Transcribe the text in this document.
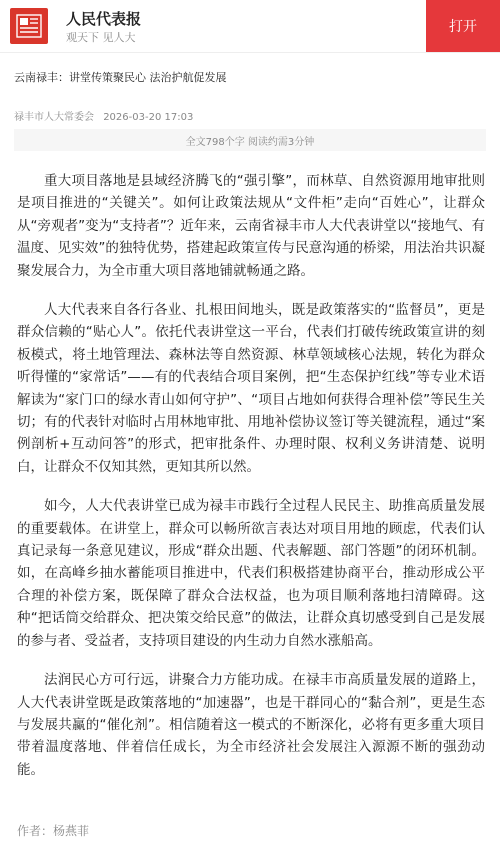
人民代表报
观天下 见人大
打开
云南禄丰：讲堂传策聚民心 法治护航促发展
禄丰市人大常委会 2026-03-20 17:03
全文798个字 阅读约需3分钟

重大项目落地是县域经济腾飞的“强引擎”，而林草、自然资源用地审批则是项目推进的“关键关”。如何让政策法规从“文件柜”走向“百姓心”，让群众从“旁观者”变为“支持者”？近年来，云南省禄丰市人大代表讲堂以“接地气、有温度、见实效”的独特优势，搭建起政策宣传与民意沟通的桥梁，用法治共识凝聚发展合力，为全市重大项目落地铺就畅通之路。

人大代表来自各行各业、扎根田间地头，既是政策落实的“监督员”，更是群众信赖的“贴心人”。依托代表讲堂这一平台，代表们打破传统政策宣讲的刻板模式，将土地管理法、森林法等自然资源、林草领域核心法规，转化为群众听得懂的“家常话”——有的代表结合项目案例，把“生态保护红线”等专业术语解读为“家门口的绿水青山如何守护”、“项目占地如何获得合理补偿”等民生关切；有的代表针对临时占用林地审批、用地补偿协议签订等关键流程，通过“案例剖析+互动问答”的形式，把审批条件、办理时限、权利义务讲清楚、说明白，让群众不仅知其然，更知其所以然。

如今，人大代表讲堂已成为禄丰市践行全过程人民民主、助推高质量发展的重要载体。在讲堂上，群众可以畅所欲言表达对项目用地的顾虑，代表们认真记录每一条意见建议，形成“群众出题、代表解题、部门答题”的闭环机制。如，在高峰乡抽水蓄能项目推进中，代表们积极搭建协商平台，推动形成公平合理的补偿方案，既保障了群众合法权益，也为项目顺利落地扫清障碍。这种“把话筒交给群众、把决策交给民意”的做法，让群众真切感受到自己是发展的参与者、受益者，支持项目建设的内生动力自然水涨船高。

法润民心方可行远，讲聚合力方能功成。在禄丰市高质量发展的道路上，人大代表讲堂既是政策落地的“加速器”，也是干群同心的“黏合剂”，更是生态与发展共赢的“催化剂”。相信随着这一模式的不断深化，必将有更多重大项目带着温度落地、伴着信任成长，为全市经济社会发展注入源源不断的强劲动能。

作者：杨燕菲
